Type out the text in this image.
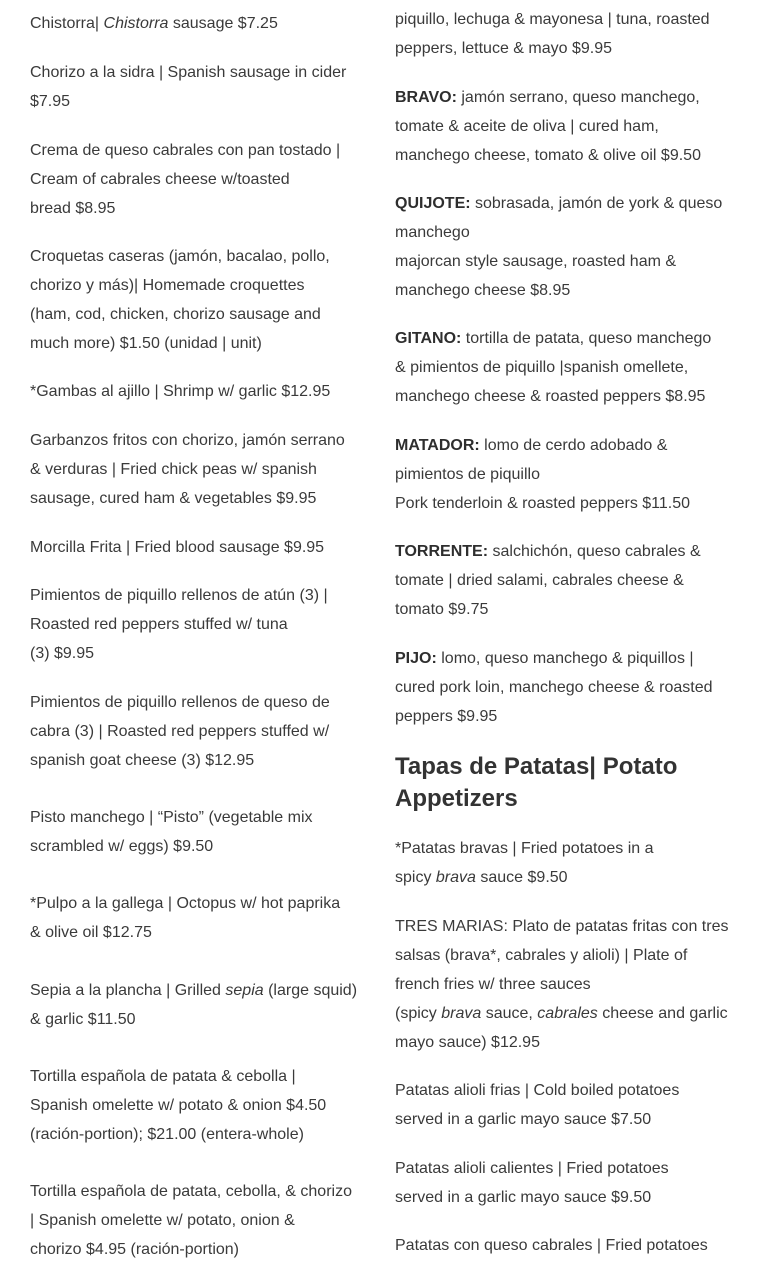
Chistorra| Chistorra sausage $7.25

Chorizo a la sidra | Spanish sausage in cider
$7.95

Crema de queso cabrales con pan tostado |
Cream of cabrales cheese w/toasted
bread $8.95

Croquetas caseras (jamón, bacalao, pollo,
chorizo y más)| Homemade croquettes
(ham, cod, chicken, chorizo sausage and
much more) $1.50 (unidad | unit)

*Gambas al ajillo | Shrimp w/ garlic $12.95

Garbanzos fritos con chorizo, jamón serrano
& verduras | Fried chick peas w/ spanish
sausage, cured ham & vegetables $9.95

Morcilla Frita | Fried blood sausage $9.95

Pimientos de piquillo rellenos de atún (3) |
Roasted red peppers stuffed w/ tuna
(3) $9.95

Pimientos de piquillo rellenos de queso de
cabra (3) | Roasted red peppers stuffed w/
spanish goat cheese (3) $12.95

Pisto manchego | “Pisto” (vegetable mix
scrambled w/ eggs) $9.50

*Pulpo a la gallega | Octopus w/ hot paprika
& olive oil $12.75

Sepia a la plancha | Grilled sepia (large squid)
& garlic $11.50

Tortilla española de patata & cebolla |
Spanish omelette w/ potato & onion $4.50
(ración-portion); $21.00 (entera-whole)

Tortilla española de patata, cebolla, & chorizo
| Spanish omelette w/ potato, onion &
chorizo $4.95 (ración-portion)

piquillo, lechuga & mayonesa | tuna, roasted
peppers, lettuce & mayo $9.95

BRAVO: jamón serrano, queso manchego,
tomate & aceite de oliva | cured ham,
manchego cheese, tomato & olive oil $9.50

QUIJOTE: sobrasada, jamón de york & queso
manchego
majorcan style sausage, roasted ham &
manchego cheese $8.95

GITANO: tortilla de patata, queso manchego
& pimientos de piquillo |spanish omellete,
manchego cheese & roasted peppers $8.95

MATADOR: lomo de cerdo adobado &
pimientos de piquillo
Pork tenderloin & roasted peppers $11.50

TORRENTE: salchichón, queso cabrales &
tomate | dried salami, cabrales cheese &
tomato $9.75

PIJO: lomo, queso manchego & piquillos |
cured pork loin, manchego cheese & roasted
peppers $9.95

Tapas de Patatas| Potato
Appetizers

*Patatas bravas | Fried potatoes in a
spicy brava sauce $9.50

TRES MARIAS: Plato de patatas fritas con tres
salsas (brava*, cabrales y alioli) | Plate of
french fries w/ three sauces
(spicy brava sauce, cabrales cheese and garlic
mayo sauce) $12.95

Patatas alioli frias | Cold boiled potatoes
served in a garlic mayo sauce $7.50

Patatas alioli calientes | Fried potatoes
served in a garlic mayo sauce $9.50

Patatas con queso cabrales | Fried potatoes
